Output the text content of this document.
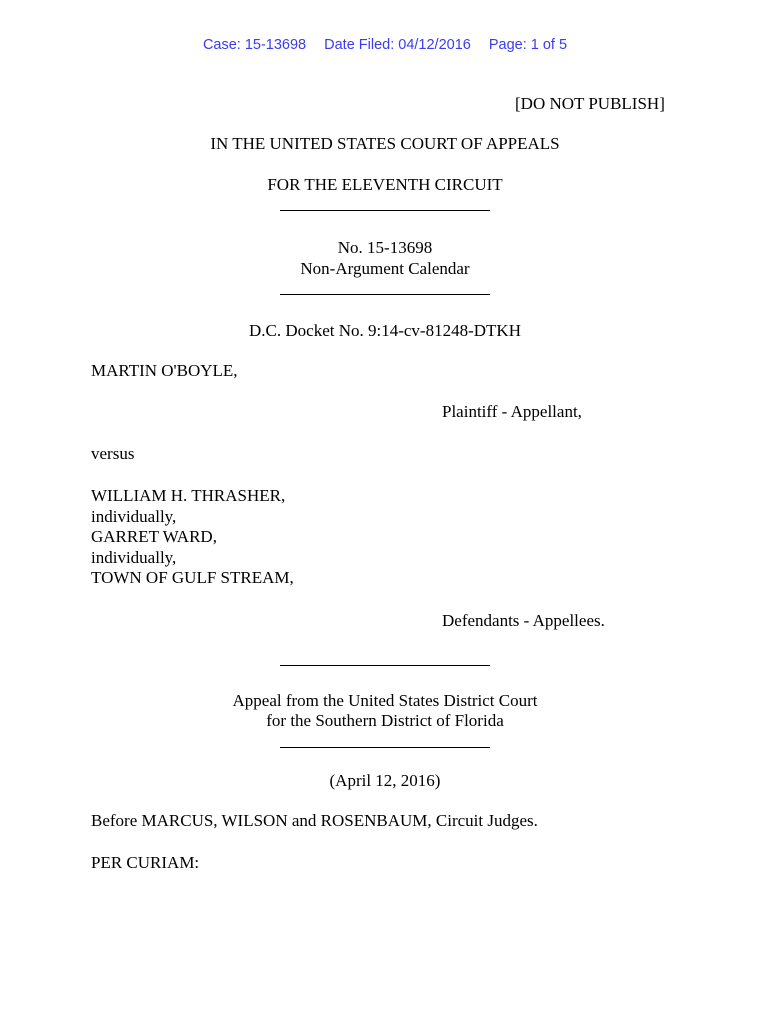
Case: 15-13698 Date Filed: 04/12/2016 Page: 1 of 5
[DO NOT PUBLISH]
IN THE UNITED STATES COURT OF APPEALS
FOR THE ELEVENTH CIRCUIT
No. 15-13698
Non-Argument Calendar
D.C. Docket No. 9:14-cv-81248-DTKH
MARTIN O'BOYLE,
Plaintiff - Appellant,
versus
WILLIAM H. THRASHER,
individually,
GARRET WARD,
individually,
TOWN OF GULF STREAM,
Defendants - Appellees.
Appeal from the United States District Court
for the Southern District of Florida
(April 12, 2016)
Before MARCUS, WILSON and ROSENBAUM, Circuit Judges.
PER CURIAM:
